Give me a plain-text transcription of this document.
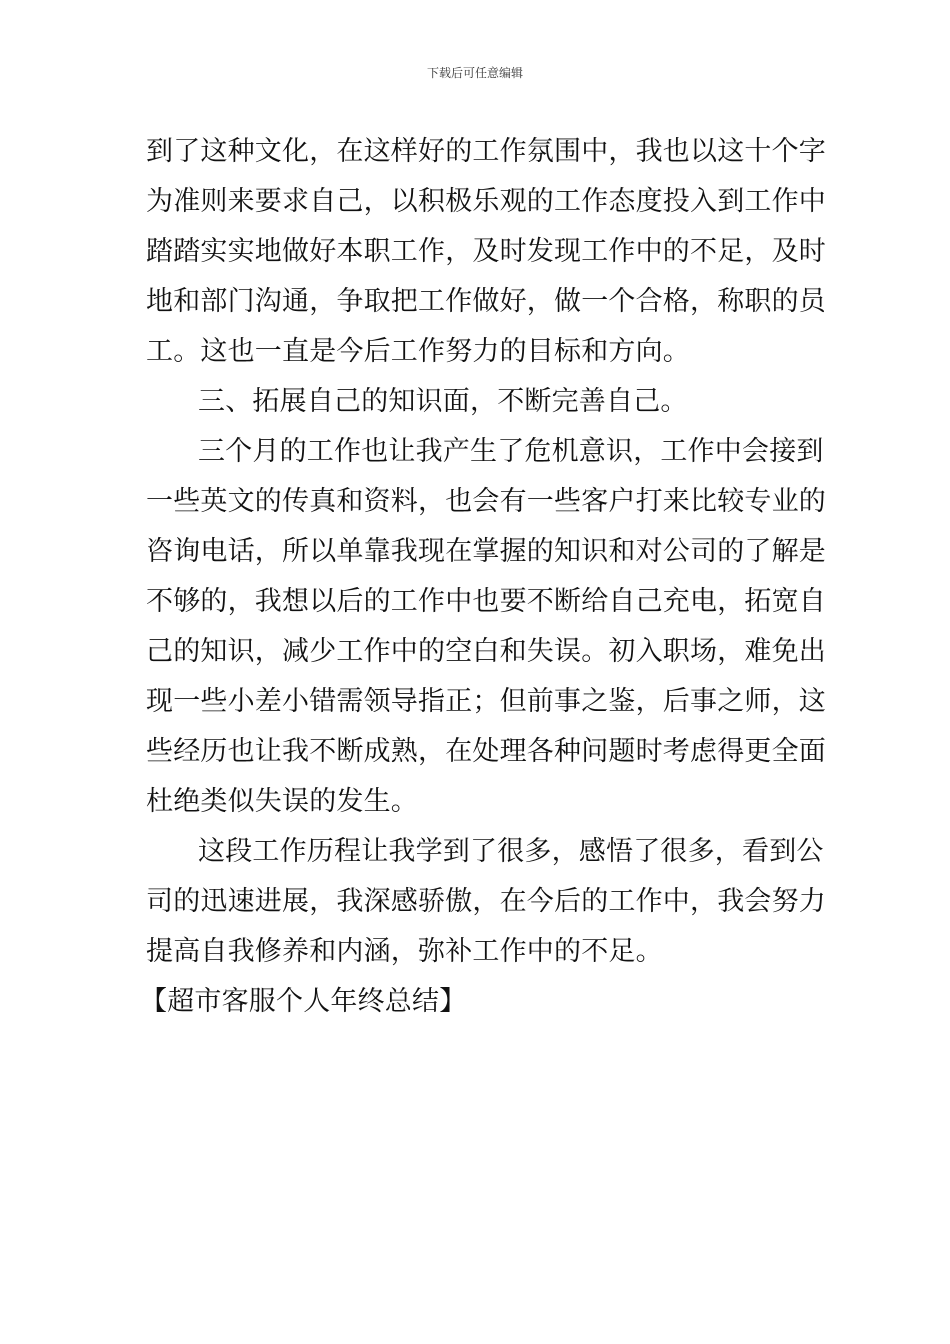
下载后可任意编辑
到了这种文化，在这样好的工作氛围中，我也以这十个字
为准则来要求自己，以积极乐观的工作态度投入到工作中
踏踏实实地做好本职工作，及时发现工作中的不足，及时
地和部门沟通，争取把工作做好，做一个合格，称职的员
工。这也一直是今后工作努力的目标和方向。
三、拓展自己的知识面，不断完善自己。
三个月的工作也让我产生了危机意识，工作中会接到
一些英文的传真和资料，也会有一些客户打来比较专业的
咨询电话，所以单靠我现在掌握的知识和对公司的了解是
不够的，我想以后的工作中也要不断给自己充电，拓宽自
己的知识，减少工作中的空白和失误。初入职场，难免出
现一些小差小错需领导指正；但前事之鉴，后事之师，这
些经历也让我不断成熟，在处理各种问题时考虑得更全面
杜绝类似失误的发生。
这段工作历程让我学到了很多，感悟了很多，看到公
司的迅速进展，我深感骄傲，在今后的工作中，我会努力
提高自我修养和内涵，弥补工作中的不足。
【超市客服个人年终总结】
